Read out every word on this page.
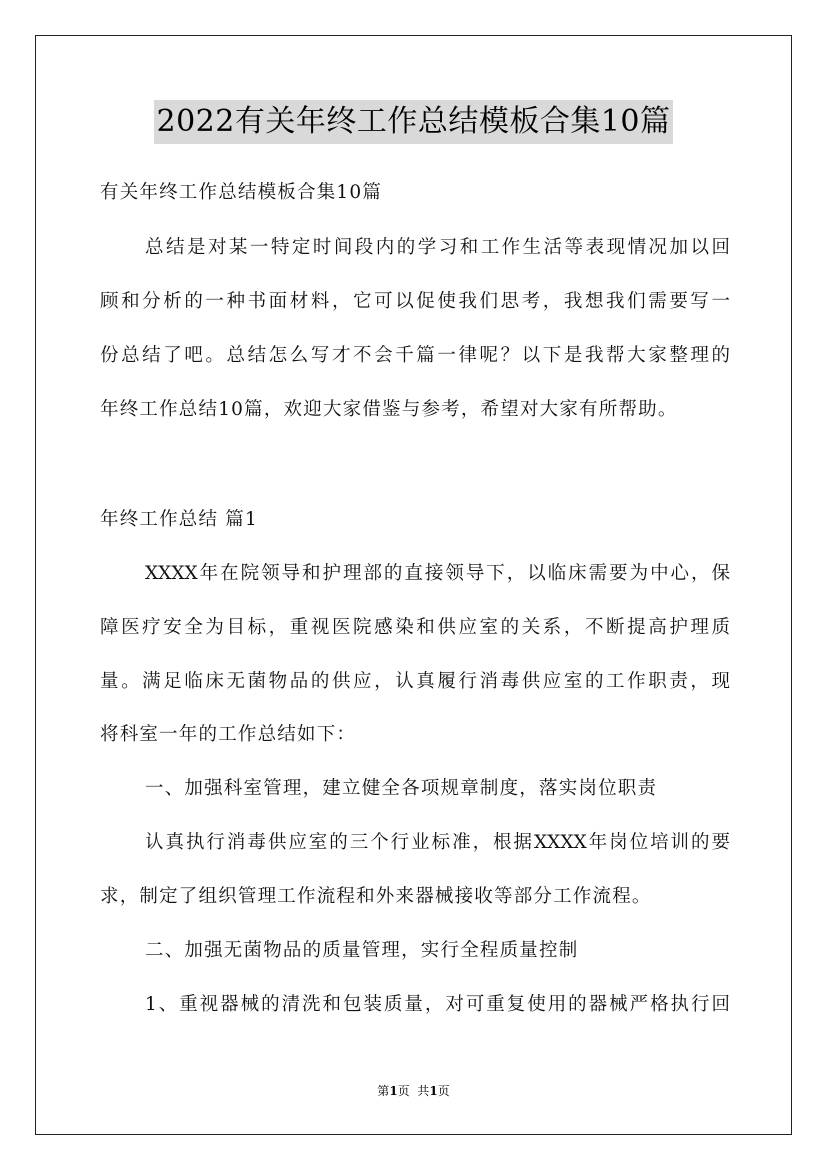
2022有关年终工作总结模板合集10篇
有关年终工作总结模板合集10篇
总结是对某一特定时间段内的学习和工作生活等表现情况加以回
顾和分析的一种书面材料，它可以促使我们思考，我想我们需要写一
份总结了吧。总结怎么写才不会千篇一律呢？以下是我帮大家整理的
年终工作总结10篇，欢迎大家借鉴与参考，希望对大家有所帮助。
年终工作总结 篇1
XXXX年在院领导和护理部的直接领导下，以临床需要为中心，保
障医疗安全为目标，重视医院感染和供应室的关系，不断提高护理质
量。满足临床无菌物品的供应，认真履行消毒供应室的工作职责，现
将科室一年的工作总结如下：
一、加强科室管理，建立健全各项规章制度，落实岗位职责
认真执行消毒供应室的三个行业标准，根据XXXX年岗位培训的要
求，制定了组织管理工作流程和外来器械接收等部分工作流程。
二、加强无菌物品的质量管理，实行全程质量控制
1、重视器械的清洗和包装质量，对可重复使用的器械严格执行回
第1页  共1页
